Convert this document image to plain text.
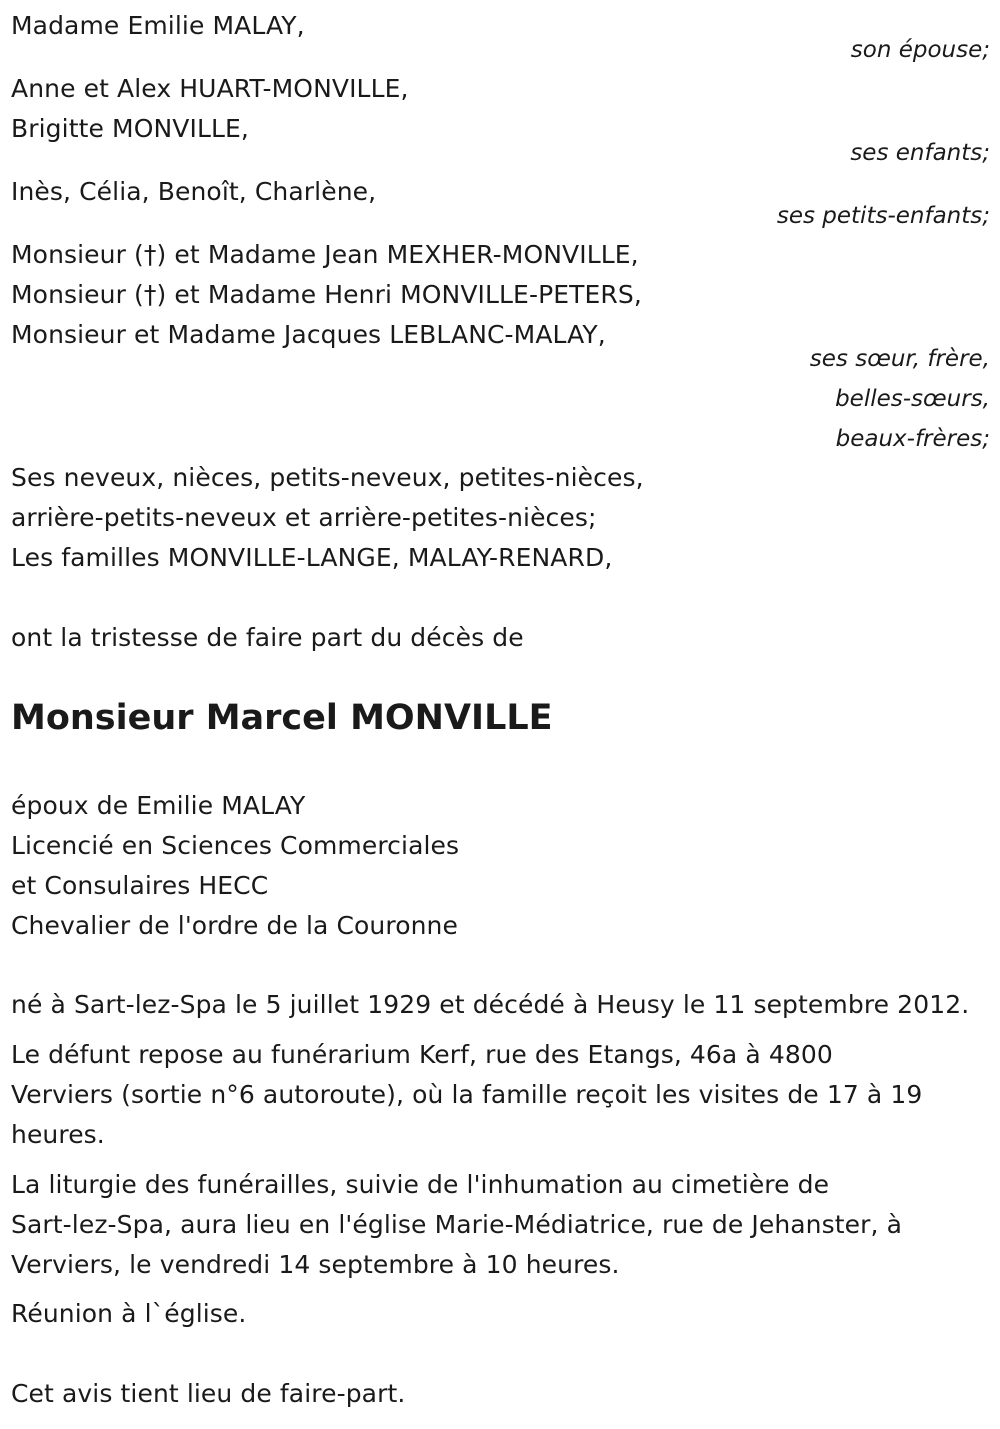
Madame Emilie MALAY,
son épouse;
Anne et Alex HUART-MONVILLE,
Brigitte MONVILLE,
ses enfants;
Inès, Célia, Benoît, Charlène,
ses petits-enfants;
Monsieur (†) et Madame Jean MEXHER-MONVILLE,
Monsieur (†) et Madame Henri MONVILLE-PETERS,
Monsieur et Madame Jacques LEBLANC-MALAY,
ses sœur, frère,
belles-sœurs,
beaux-frères;
Ses neveux, nièces, petits-neveux, petites-nièces,
arrière-petits-neveux et arrière-petites-nièces;
Les familles MONVILLE-LANGE, MALAY-RENARD,
ont la tristesse de faire part du décès de
Monsieur Marcel MONVILLE
époux de Emilie MALAY
Licencié en Sciences Commerciales
et Consulaires HECC
Chevalier de l'ordre de la Couronne
né à Sart-lez-Spa le 5 juillet 1929 et décédé à Heusy le 11 septembre 2012.
Le défunt repose au funérarium Kerf, rue des Etangs, 46a à 4800
Verviers (sortie n°6 autoroute), où la famille reçoit les visites de 17 à 19
heures.
La liturgie des funérailles, suivie de l'inhumation au cimetière de
Sart-lez-Spa, aura lieu en l'église Marie-Médiatrice, rue de Jehanster, à
Verviers, le vendredi 14 septembre à 10 heures.
Réunion à l`église.
Cet avis tient lieu de faire-part.
